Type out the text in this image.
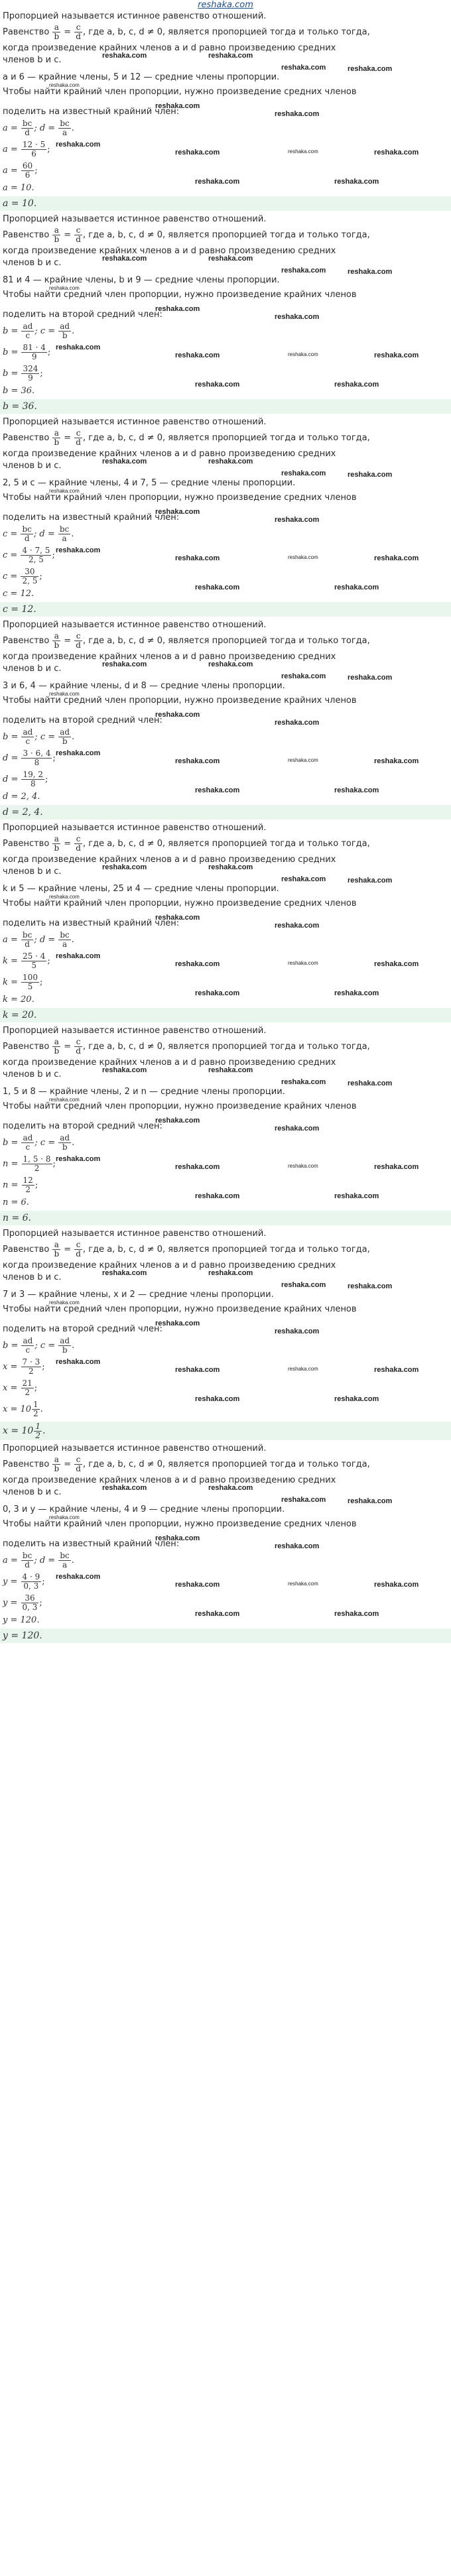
reshaka.com
Пропорцией называется истинное равенство отношений.
Равенство $\frac{a}{b} = \frac{c}{d}$ , где a, b, c, d ≠ 0, является пропорцией тогда и только тогда,
когда произведение крайних членов a и d равно произведению средних
членов b и c.
a и 6 — крайние члены, 5 и 12 — средние члены пропорции.
Чтобы найти крайний член пропорции, нужно произведение средних членов
поделить на известный крайний член:
$a = \frac{bc}{d}$ ; $d = \frac{bc}{a}$ .
$a = \frac{12 \cdot 5}{6}$ ;
$a = \frac{60}{6}$ ;
a = 10.
a = 10.
reshaka.com	reshaka.com
reshaka.com	reshaka.com
reshaka.com
reshaka.com
reshaka.com
reshaka.com
reshaka.com	reshaka.com	reshaka.com
reshaka.com	reshaka.com
Пропорцией называется истинное равенство отношений.
Равенство $\frac{a}{b} = \frac{c}{d}$ , где a, b, c, d ≠ 0, является пропорцией тогда и только тогда,
когда произведение крайних членов a и d равно произведению средних
членов b и c.
81 и 4 — крайние члены, b и 9 — средние члены пропорции.
Чтобы найти средний член пропорции, нужно произведение крайних членов
поделить на второй средний член:
$b = \frac{ad}{c}$ ; $c = \frac{ad}{b}$ .
$b = \frac{81 \cdot 4}{9}$ ;
$b = \frac{324}{9}$ ;
b = 36.
b = 36.
reshaka.com	reshaka.com
reshaka.com	reshaka.com
reshaka.com
reshaka.com
reshaka.com
reshaka.com
reshaka.com	reshaka.com	reshaka.com
reshaka.com	reshaka.com
Пропорцией называется истинное равенство отношений.
Равенство $\frac{a}{b} = \frac{c}{d}$ , где a, b, c, d ≠ 0, является пропорцией тогда и только тогда,
когда произведение крайних членов a и d равно произведению средних
членов b и c.
2, 5 и c — крайние члены, 4 и 7, 5 — средние члены пропорции.
Чтобы найти крайний член пропорции, нужно произведение средних членов
поделить на известный крайний член:
$c = \frac{bc}{d}$ ; $d = \frac{bc}{a}$ .
$c = \frac{4 \cdot 7, 5}{2, 5}$ ;
$c = \frac{30}{2, 5}$ ;
c = 12.
c = 12.
reshaka.com	reshaka.com
reshaka.com	reshaka.com
reshaka.com
reshaka.com
reshaka.com
reshaka.com
reshaka.com	reshaka.com	reshaka.com
reshaka.com	reshaka.com
Пропорцией называется истинное равенство отношений.
Равенство $\frac{a}{b} = \frac{c}{d}$ , где a, b, c, d ≠ 0, является пропорцией тогда и только тогда,
когда произведение крайних членов a и d равно произведению средних
членов b и c.
3 и 6, 4 — крайние члены, d и 8 — средние члены пропорции.
Чтобы найти средний член пропорции, нужно произведение крайних членов
поделить на второй средний член:
$b = \frac{ad}{c}$ ; $c = \frac{ad}{b}$ .
$d = \frac{3 \cdot 6, 4}{8}$ ;
$d = \frac{19, 2}{8}$ ;
d = 2, 4.
d = 2, 4.
reshaka.com	reshaka.com
reshaka.com	reshaka.com
reshaka.com
reshaka.com
reshaka.com
reshaka.com
reshaka.com	reshaka.com	reshaka.com
reshaka.com	reshaka.com
Пропорцией называется истинное равенство отношений.
Равенство $\frac{a}{b} = \frac{c}{d}$ , где a, b, c, d ≠ 0, является пропорцией тогда и только тогда,
когда произведение крайних членов a и d равно произведению средних
членов b и c.
k и 5 — крайние члены, 25 и 4 — средние члены пропорции.
Чтобы найти крайний член пропорции, нужно произведение средних членов
поделить на известный крайний член:
$a = \frac{bc}{d}$ ; $d = \frac{bc}{a}$ .
$k = \frac{25 \cdot 4}{5}$ ;
$k = \frac{100}{5}$ ;
k = 20.
k = 20.
reshaka.com	reshaka.com
reshaka.com	reshaka.com
reshaka.com
reshaka.com
reshaka.com
reshaka.com
reshaka.com	reshaka.com	reshaka.com
reshaka.com	reshaka.com
Пропорцией называется истинное равенство отношений.
Равенство $\frac{a}{b} = \frac{c}{d}$ , где a, b, c, d ≠ 0, является пропорцией тогда и только тогда,
когда произведение крайних членов a и d равно произведению средних
членов b и c.
1, 5 и 8 — крайние члены, 2 и n — средние члены пропорции.
Чтобы найти средний член пропорции, нужно произведение крайних членов
поделить на второй средний член:
$b = \frac{ad}{c}$ ; $c = \frac{ad}{b}$ .
$n = \frac{1, 5 \cdot 8}{2}$ ;
$n = \frac{12}{2}$ ;
n = 6.
n = 6.
reshaka.com	reshaka.com
reshaka.com	reshaka.com
reshaka.com
reshaka.com
reshaka.com
reshaka.com
reshaka.com	reshaka.com	reshaka.com
reshaka.com	reshaka.com
Пропорцией называется истинное равенство отношений.
Равенство $\frac{a}{b} = \frac{c}{d}$ , где a, b, c, d ≠ 0, является пропорцией тогда и только тогда,
когда произведение крайних членов a и d равно произведению средних
членов b и c.
7 и 3 — крайние члены, x и 2 — средние члены пропорции.
Чтобы найти средний член пропорции, нужно произведение крайних членов
поделить на второй средний член:
$b = \frac{ad}{c}$ ; $c = \frac{ad}{b}$ .
$x = \frac{7 \cdot 3}{2}$ ;
$x = \frac{21}{2}$ ;
$x = 10 \frac{1}{2}$ .
$x = 10 \frac{1}{2}$ .
reshaka.com	reshaka.com
reshaka.com	reshaka.com
reshaka.com
reshaka.com
reshaka.com
reshaka.com
reshaka.com	reshaka.com	reshaka.com
reshaka.com	reshaka.com
Пропорцией называется истинное равенство отношений.
Равенство $\frac{a}{b} = \frac{c}{d}$ , где a, b, c, d ≠ 0, является пропорцией тогда и только тогда,
когда произведение крайних членов a и d равно произведению средних
членов b и c.
0, 3 и y — крайние члены, 4 и 9 — средние члены пропорции.
Чтобы найти крайний член пропорции, нужно произведение средних членов
поделить на известный крайний член:
$a = \frac{bc}{d}$ ; $d = \frac{bc}{a}$ .
$y = \frac{4 \cdot 9}{0, 3}$ ;
$y = \frac{36}{0, 3}$ ;
y = 120.
y = 120.
reshaka.com	reshaka.com
reshaka.com	reshaka.com
reshaka.com
reshaka.com
reshaka.com
reshaka.com
reshaka.com	reshaka.com	reshaka.com
reshaka.com	reshaka.com
